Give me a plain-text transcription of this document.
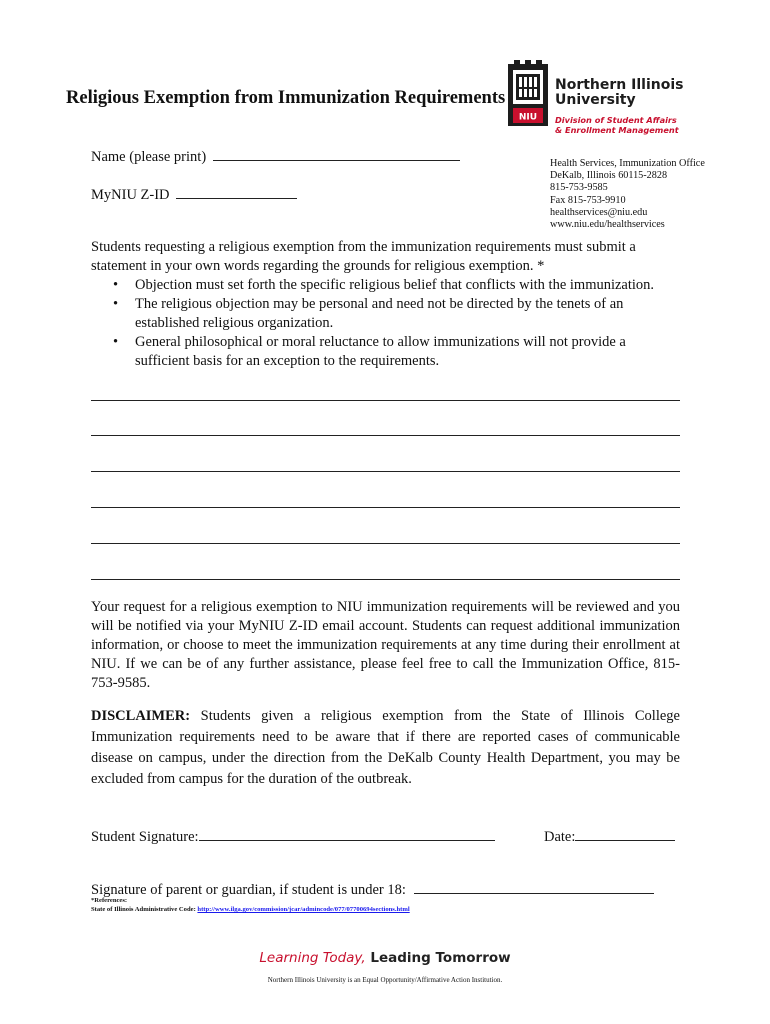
Religious Exemption from Immunization Requirements
NIU
Northern Illinois
University
Division of Student Affairs
& Enrollment Management
Name (please print)
MyNIU Z-ID
Health Services, Immunization Office
DeKalb, Illinois 60115-2828
815-753-9585
Fax 815-753-9910
healthservices@niu.edu
www.niu.edu/healthservices
Students requesting a religious exemption from the immunization requirements must submit a statement in your own words regarding the grounds for religious exemption. *
• Objection must set forth the specific religious belief that conflicts with the immunization.
• The religious objection may be personal and need not be directed by the tenets of an established religious organization.
• General philosophical or moral reluctance to allow immunizations will not provide a sufficient basis for an exception to the requirements.
Your request for a religious exemption to NIU immunization requirements will be reviewed and you will be notified via your MyNIU Z-ID email account. Students can request additional immunization information, or choose to meet the immunization requirements at any time during their enrollment at NIU. If we can be of any further assistance, please feel free to call the Immunization Office, 815-753-9585.
DISCLAIMER: Students given a religious exemption from the State of Illinois College Immunization requirements need to be aware that if there are reported cases of communicable disease on campus, under the direction from the DeKalb County Health Department, you may be excluded from campus for the duration of the outbreak.
Student Signature:	Date:
Signature of parent or guardian, if student is under 18:
*References:
State of Illinois Administrative Code: http://www.ilga.gov/commission/jcar/admincode/077/07700694sections.html
Learning Today, Leading Tomorrow
Northern Illinois University is an Equal Opportunity/Affirmative Action Institution.
